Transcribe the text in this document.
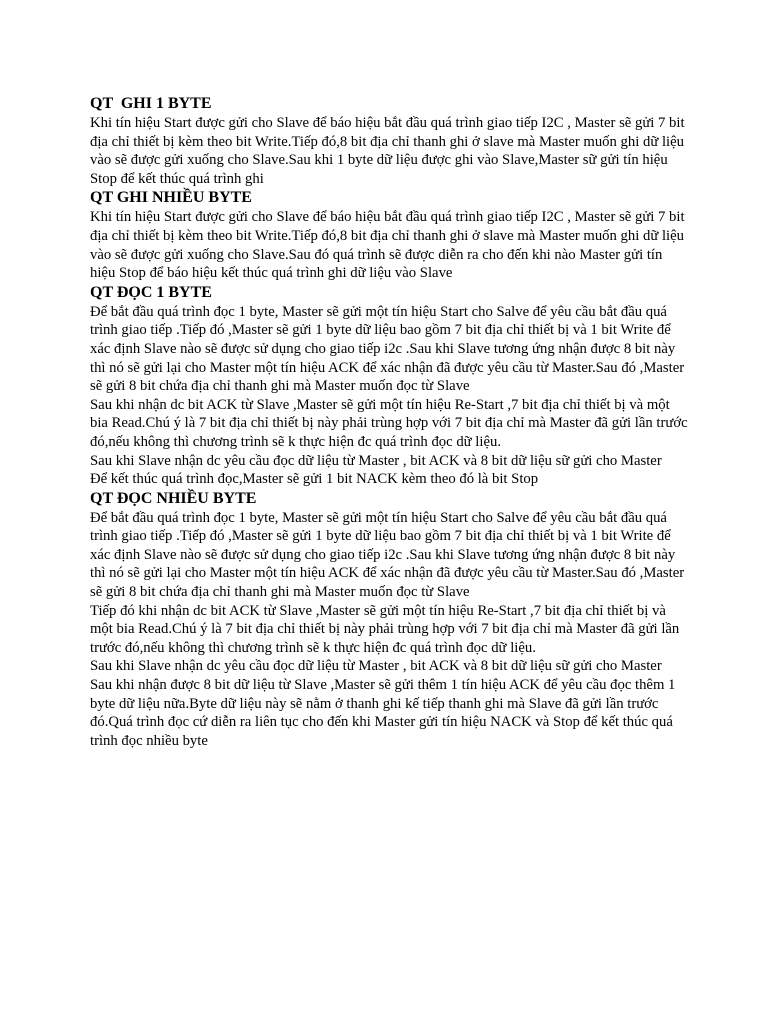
QT  GHI 1 BYTE

Khi tín hiệu Start được gửi cho Slave để báo hiệu bắt đầu quá trình giao tiếp I2C , Master sẽ gửi 7 bit địa chỉ thiết bị kèm theo bit Write.Tiếp đó,8 bit địa chỉ thanh ghi ở slave mà Master muốn ghi dữ liệu vào sẽ được gửi xuống cho Slave.Sau khi 1 byte dữ liệu được ghi vào Slave,Master sữ gửi tín hiệu Stop để kết thúc quá trình ghi

QT GHI NHIỀU BYTE

Khi tín hiệu Start được gửi cho Slave để báo hiệu bắt đầu quá trình giao tiếp I2C , Master sẽ gửi 7 bit địa chỉ thiết bị kèm theo bit Write.Tiếp đó,8 bit địa chỉ thanh ghi ở slave mà Master muốn ghi dữ liệu vào sẽ được gửi xuống cho Slave.Sau đó quá trình sẽ được diễn ra cho đến khi nào Master gửi tín hiệu Stop để báo hiệu kết thúc quá trình ghi dữ liệu vào Slave

QT ĐỌC 1 BYTE

Để bắt đầu quá trình đọc 1 byte, Master sẽ gửi một tín hiệu Start cho Salve để yêu cầu bắt đầu quá trình giao tiếp .Tiếp đó ,Master sẽ gửi 1 byte dữ liệu bao gồm 7 bit địa chỉ thiết bị và 1 bit Write để xác định Slave nào sẽ được sử dụng cho giao tiếp i2c .Sau khi Slave tương ứng nhận được 8 bit này thì nó sẽ gửi lại cho Master một tín hiệu ACK để xác nhận đã được yêu cầu từ Master.Sau đó ,Master sẽ gửi 8 bit chứa địa chỉ thanh ghi mà Master muốn đọc từ Slave

Sau khi nhận dc bit ACK từ Slave ,Master sẽ gửi một tín hiệu Re-Start ,7 bit địa chỉ thiết bị và một bia Read.Chú ý là 7 bit địa chỉ thiết bị này phải trùng hợp với 7 bit địa chỉ mà Master đã gửi lần trước đó,nếu không thì chương trình sẽ k thực hiện đc quá trình đọc dữ liệu.

Sau khi Slave nhận dc yêu cầu đọc dữ liệu từ Master , bit ACK và 8 bit dữ liệu sữ gửi cho Master

Để kết thúc quá trình đọc,Master sẽ gửi 1 bit NACK kèm theo đó là bit Stop

QT ĐỌC NHIỀU BYTE

Để bắt đầu quá trình đọc 1 byte, Master sẽ gửi một tín hiệu Start cho Salve để yêu cầu bắt đầu quá trình giao tiếp .Tiếp đó ,Master sẽ gửi 1 byte dữ liệu bao gồm 7 bit địa chỉ thiết bị và 1 bit Write để xác định Slave nào sẽ được sử dụng cho giao tiếp i2c .Sau khi Slave tương ứng nhận được 8 bit này thì nó sẽ gửi lại cho Master một tín hiệu ACK để xác nhận đã được yêu cầu từ Master.Sau đó ,Master sẽ gửi 8 bit chứa địa chỉ thanh ghi mà Master muốn đọc từ Slave

Tiếp đó khi nhận dc bit ACK từ Slave ,Master sẽ gửi một tín hiệu Re-Start ,7 bit địa chỉ thiết bị và một bia Read.Chú ý là 7 bit địa chỉ thiết bị này phải trùng hợp với 7 bit địa chỉ mà Master đã gửi lần trước đó,nếu không thì chương trình sẽ k thực hiện đc quá trình đọc dữ liệu.

Sau khi Slave nhận dc yêu cầu đọc dữ liệu từ Master , bit ACK và 8 bit dữ liệu sữ gửi cho Master

Sau khi nhận được 8 bit dữ liệu từ Slave ,Master sẽ gửi thêm 1 tín hiệu ACK để yêu cầu đọc thêm 1 byte dữ liệu nữa.Byte dữ liệu này sẽ nằm ở thanh ghi kế tiếp thanh ghi mà Slave đã gửi lần trước đó.Quá trình đọc cứ diễn ra liên tục cho đến khi Master gửi tín hiệu NACK và Stop để kết thúc quá trình đọc nhiều byte
